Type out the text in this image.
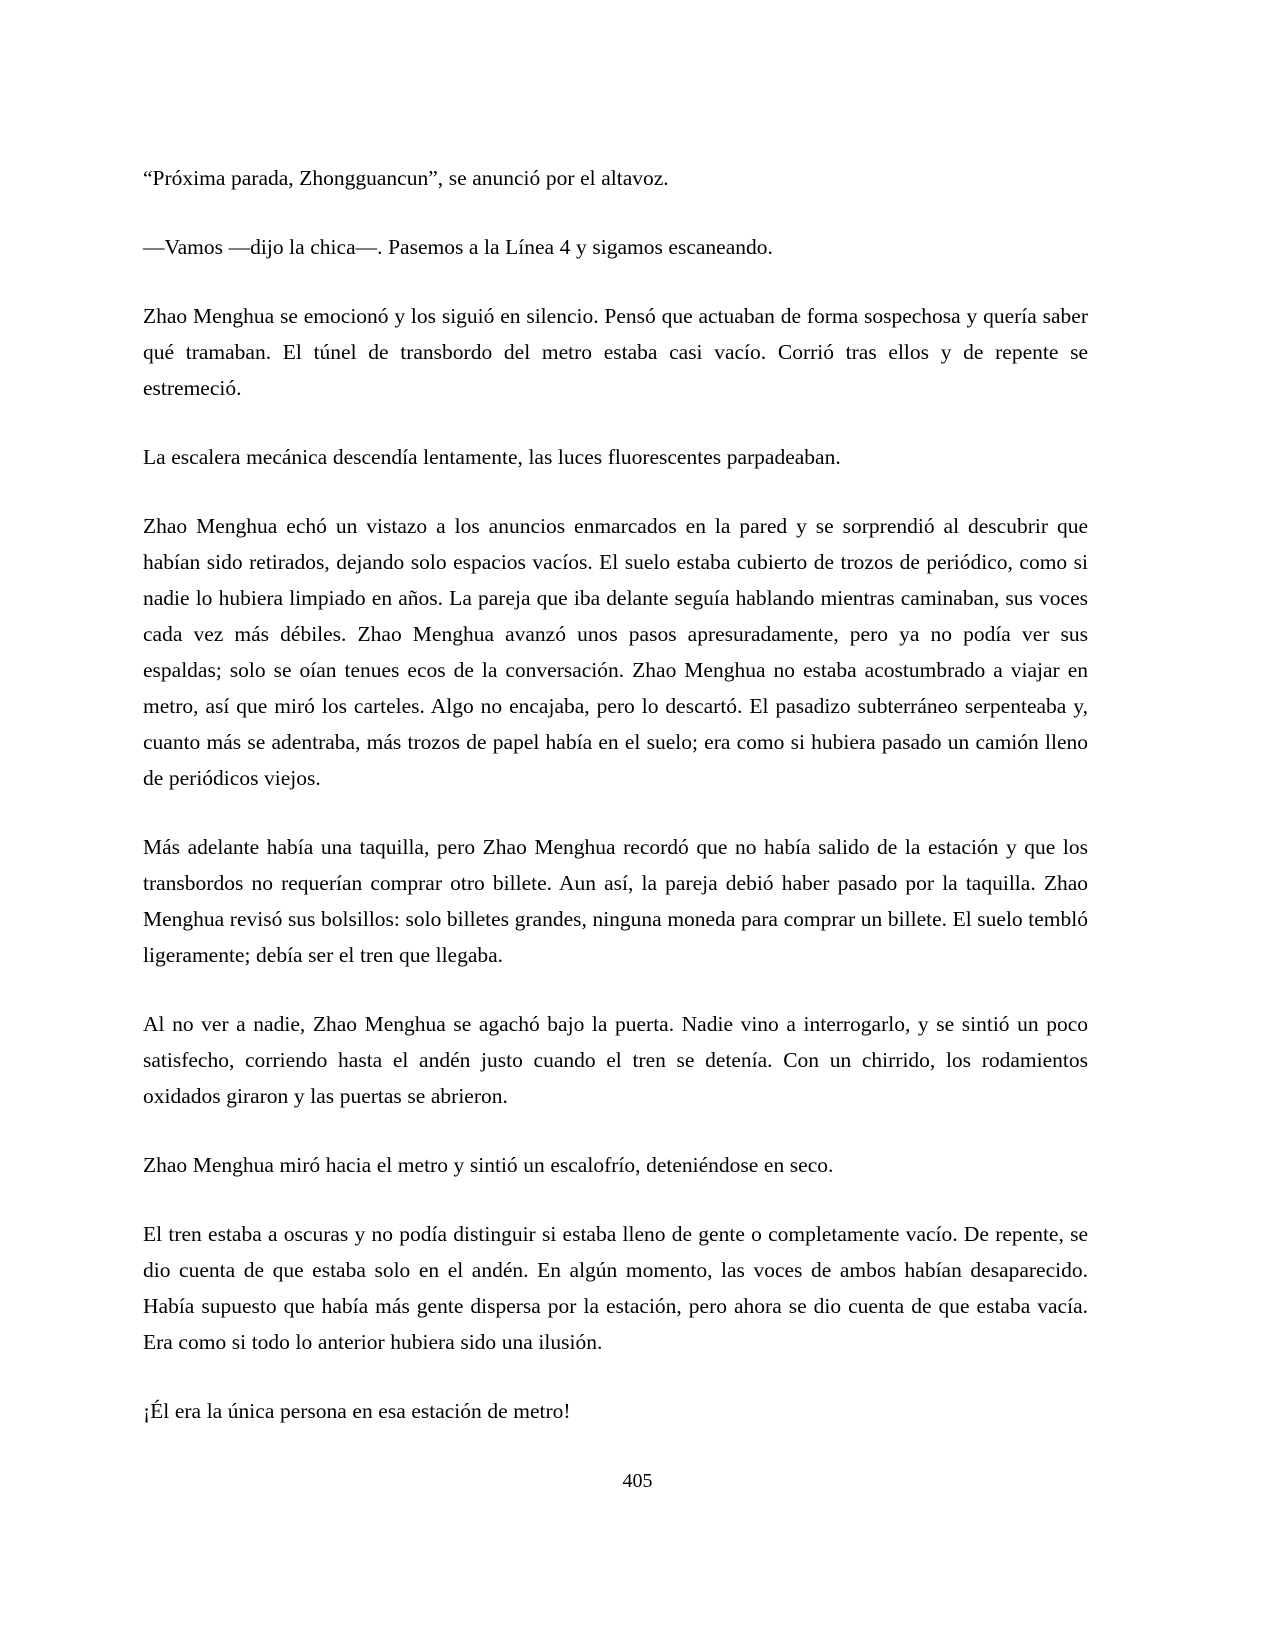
“Próxima parada, Zhongguancun”, se anunció por el altavoz.

—Vamos —dijo la chica—. Pasemos a la Línea 4 y sigamos escaneando.

Zhao Menghua se emocionó y los siguió en silencio. Pensó que actuaban de forma sospechosa y quería saber qué tramaban. El túnel de transbordo del metro estaba casi vacío. Corrió tras ellos y de repente se estremeció.

La escalera mecánica descendía lentamente, las luces fluorescentes parpadeaban.

Zhao Menghua echó un vistazo a los anuncios enmarcados en la pared y se sorprendió al descubrir que habían sido retirados, dejando solo espacios vacíos. El suelo estaba cubierto de trozos de periódico, como si nadie lo hubiera limpiado en años. La pareja que iba delante seguía hablando mientras caminaban, sus voces cada vez más débiles. Zhao Menghua avanzó unos pasos apresuradamente, pero ya no podía ver sus espaldas; solo se oían tenues ecos de la conversación. Zhao Menghua no estaba acostumbrado a viajar en metro, así que miró los carteles. Algo no encajaba, pero lo descartó. El pasadizo subterráneo serpenteaba y, cuanto más se adentraba, más trozos de papel había en el suelo; era como si hubiera pasado un camión lleno de periódicos viejos.

Más adelante había una taquilla, pero Zhao Menghua recordó que no había salido de la estación y que los transbordos no requerían comprar otro billete. Aun así, la pareja debió haber pasado por la taquilla. Zhao Menghua revisó sus bolsillos: solo billetes grandes, ninguna moneda para comprar un billete. El suelo tembló ligeramente; debía ser el tren que llegaba.

Al no ver a nadie, Zhao Menghua se agachó bajo la puerta. Nadie vino a interrogarlo, y se sintió un poco satisfecho, corriendo hasta el andén justo cuando el tren se detenía. Con un chirrido, los rodamientos oxidados giraron y las puertas se abrieron.

Zhao Menghua miró hacia el metro y sintió un escalofrío, deteniéndose en seco.

El tren estaba a oscuras y no podía distinguir si estaba lleno de gente o completamente vacío. De repente, se dio cuenta de que estaba solo en el andén. En algún momento, las voces de ambos habían desaparecido. Había supuesto que había más gente dispersa por la estación, pero ahora se dio cuenta de que estaba vacía. Era como si todo lo anterior hubiera sido una ilusión.

¡Él era la única persona en esa estación de metro!

405
